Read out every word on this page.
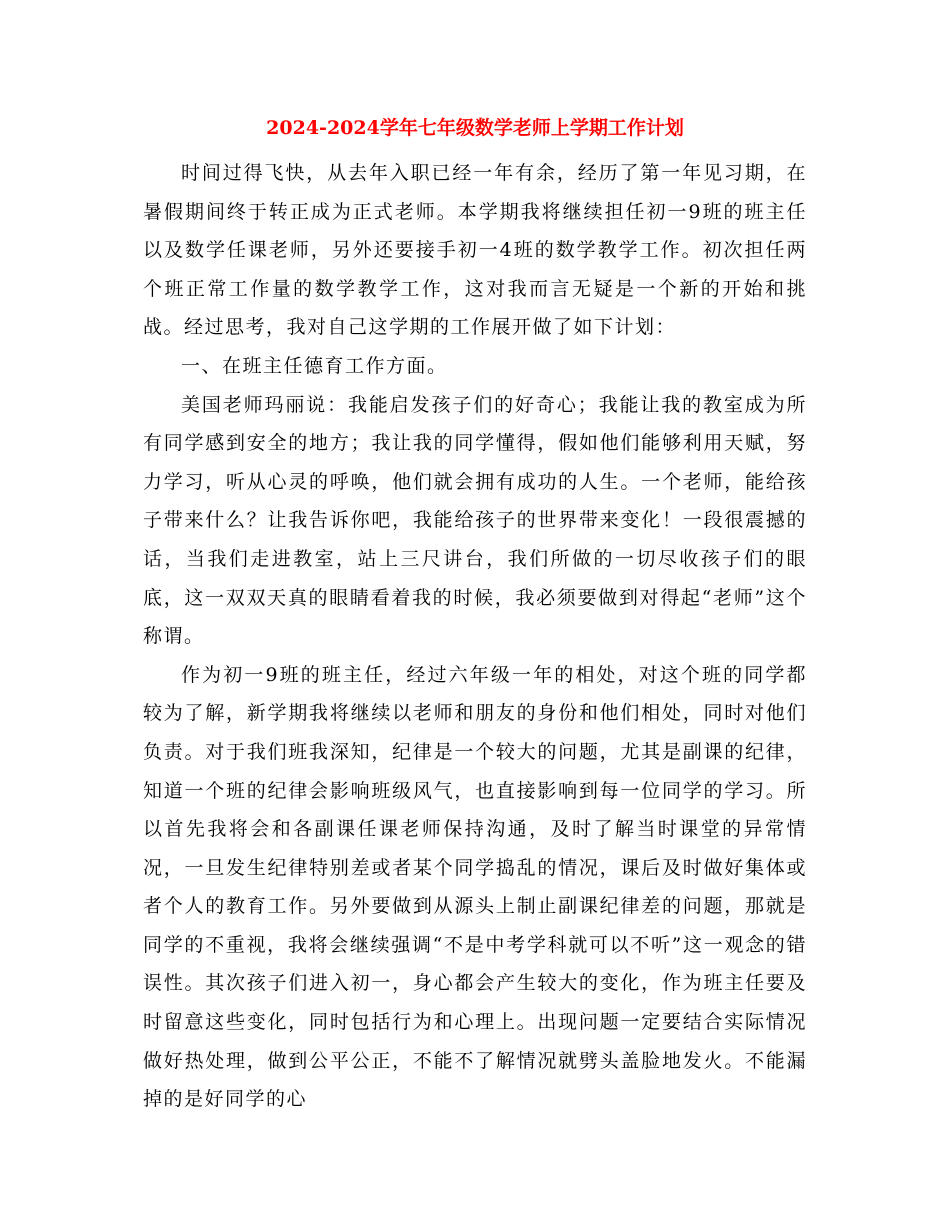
2024-2024学年七年级数学老师上学期工作计划

时间过得飞快，从去年入职已经一年有余，经历了第一年见习期，在暑假期间终于转正成为正式老师。本学期我将继续担任初一9班的班主任以及数学任课老师，另外还要接手初一4班的数学教学工作。初次担任两个班正常工作量的数学教学工作，这对我而言无疑是一个新的开始和挑战。经过思考，我对自己这学期的工作展开做了如下计划：

一、在班主任德育工作方面。

美国老师玛丽说：我能启发孩子们的好奇心；我能让我的教室成为所有同学感到安全的地方；我让我的同学懂得，假如他们能够利用天赋，努力学习，听从心灵的呼唤，他们就会拥有成功的人生。一个老师，能给孩子带来什么？让我告诉你吧，我能给孩子的世界带来变化！一段很震撼的话，当我们走进教室，站上三尺讲台，我们所做的一切尽收孩子们的眼底，这一双双天真的眼睛看着我的时候，我必须要做到对得起“老师”这个称谓。

作为初一9班的班主任，经过六年级一年的相处，对这个班的同学都较为了解，新学期我将继续以老师和朋友的身份和他们相处，同时对他们负责。对于我们班我深知，纪律是一个较大的问题，尤其是副课的纪律，知道一个班的纪律会影响班级风气，也直接影响到每一位同学的学习。所以首先我将会和各副课任课老师保持沟通，及时了解当时课堂的异常情况，一旦发生纪律特别差或者某个同学捣乱的情况，课后及时做好集体或者个人的教育工作。另外要做到从源头上制止副课纪律差的问题，那就是同学的不重视，我将会继续强调“不是中考学科就可以不听”这一观念的错误性。其次孩子们进入初一，身心都会产生较大的变化，作为班主任要及时留意这些变化，同时包括行为和心理上。出现问题一定要结合实际情况做好热处理，做到公平公正，不能不了解情况就劈头盖脸地发火。不能漏掉的是好同学的心
